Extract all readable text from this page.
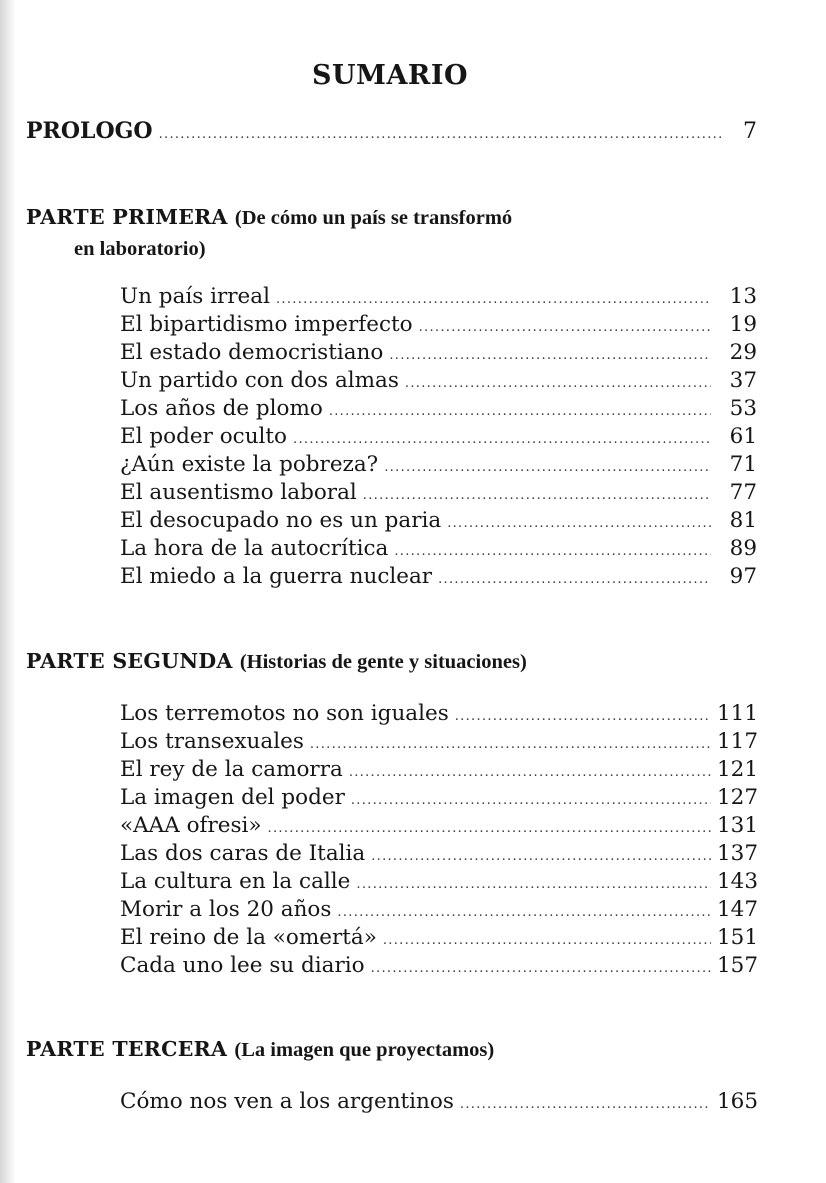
SUMARIO
PROLOGO .....	7
PARTE PRIMERA (De cómo un país se transformó
en laboratorio)
Un país irreal .....	13
El bipartidismo imperfecto .....	19
El estado democristiano .....	29
Un partido con dos almas .....	37
Los años de plomo .....	53
El poder oculto .....	61
¿Aún existe la pobreza? .....	71
El ausentismo laboral .....	77
El desocupado no es un paria .....	81
La hora de la autocrítica .....	89
El miedo a la guerra nuclear .....	97
PARTE SEGUNDA (Historias de gente y situaciones)
Los terremotos no son iguales .....	111
Los transexuales .....	117
El rey de la camorra .....	121
La imagen del poder .....	127
«AAA ofresi» .....	131
Las dos caras de Italia .....	137
La cultura en la calle .....	143
Morir a los 20 años .....	147
El reino de la «omertá» .....	151
Cada uno lee su diario .....	157
PARTE TERCERA (La imagen que proyectamos)
Cómo nos ven a los argentinos .....	165
